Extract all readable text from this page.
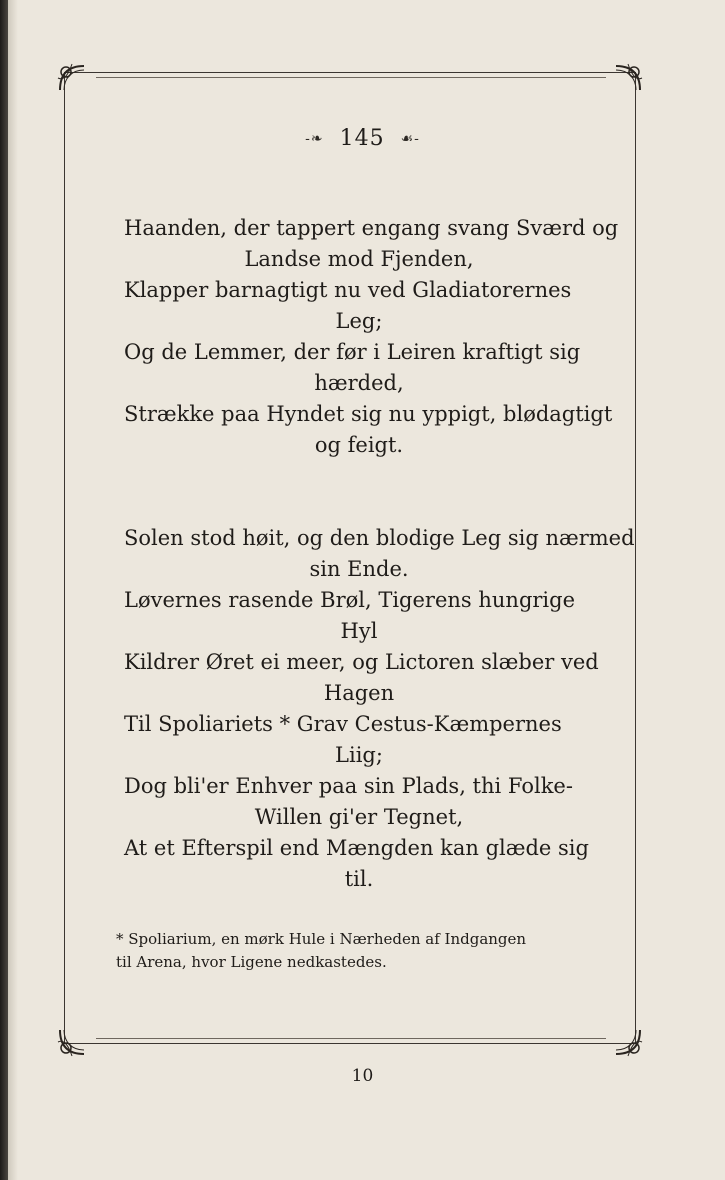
-❧ 145 ☙-
Haanden, der tappert engang svang Sværd og
Landse mod Fjenden,
Klapper barnagtigt nu ved Gladiatorernes
Leg;
Og de Lemmer, der før i Leiren kraftigt sig
hærded,
Strække paa Hyndet sig nu yppigt, blødagtigt
og feigt.
Solen stod høit, og den blodige Leg sig nærmed
sin Ende.
Løvernes rasende Brøl, Tigerens hungrige
Hyl
Kildrer Øret ei meer, og Lictoren slæber ved
Hagen
Til Spoliariets * Grav Cestus-Kæmpernes
Liig;
Dog bli'er Enhver paa sin Plads, thi Folke-
Willen gi'er Tegnet,
At et Efterspil end Mængden kan glæde sig
til.
* Spoliarium, en mørk Hule i Nærheden af Indgangen
til Arena, hvor Ligene nedkastedes.
10
